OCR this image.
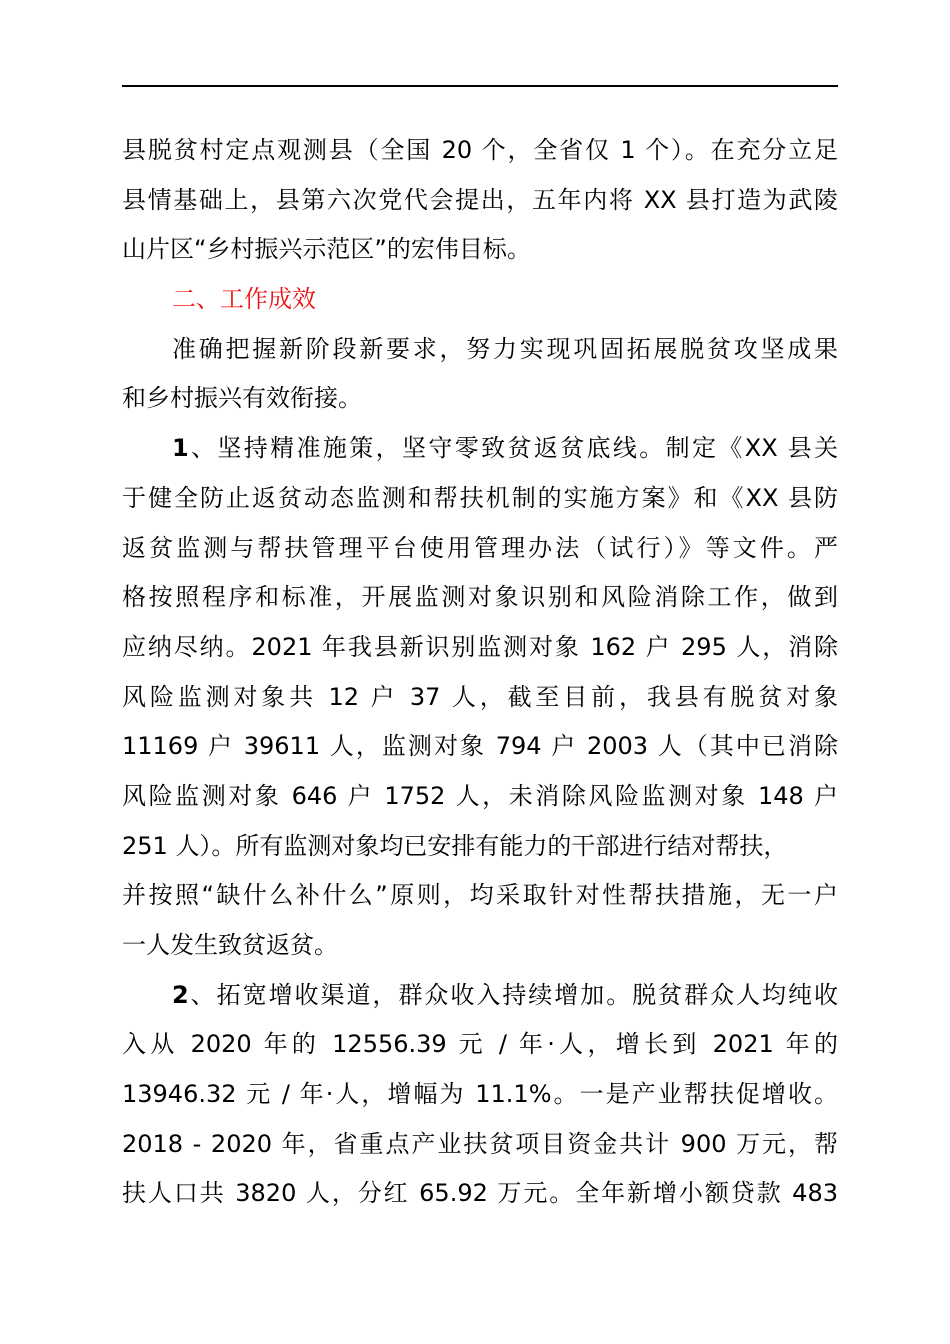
县脱贫村定点观测县（全国 20 个，全省仅 1 个）。在充分立足
县情基础上，县第六次党代会提出，五年内将 XX 县打造为武陵
山片区“乡村振兴示范区”的宏伟目标。
二、工作成效
准确把握新阶段新要求，努力实现巩固拓展脱贫攻坚成果
和乡村振兴有效衔接。
1、坚持精准施策，坚守零致贫返贫底线。制定《XX 县关
于健全防止返贫动态监测和帮扶机制的实施方案》和《XX 县防
返贫监测与帮扶管理平台使用管理办法（试行）》等文件。严
格按照程序和标准，开展监测对象识别和风险消除工作，做到
应纳尽纳。2021 年我县新识别监测对象 162 户 295 人，消除
风险监测对象共 12 户 37 人，截至目前，我县有脱贫对象
11169 户 39611 人，监测对象 794 户 2003 人（其中已消除
风险监测对象 646 户 1752 人，未消除风险监测对象 148 户
251 人）。所有监测对象均已安排有能力的干部进行结对帮扶，
并按照“缺什么补什么”原则，均采取针对性帮扶措施，无一户
一人发生致贫返贫。
2、拓宽增收渠道，群众收入持续增加。脱贫群众人均纯收
入从 2020 年的 12556.39 元 / 年·人，增长到 2021 年的
13946.32 元 / 年·人，增幅为 11.1%。一是产业帮扶促增收。
2018 - 2020 年，省重点产业扶贫项目资金共计 900 万元，帮
扶人口共 3820 人，分红 65.92 万元。全年新增小额贷款 483
